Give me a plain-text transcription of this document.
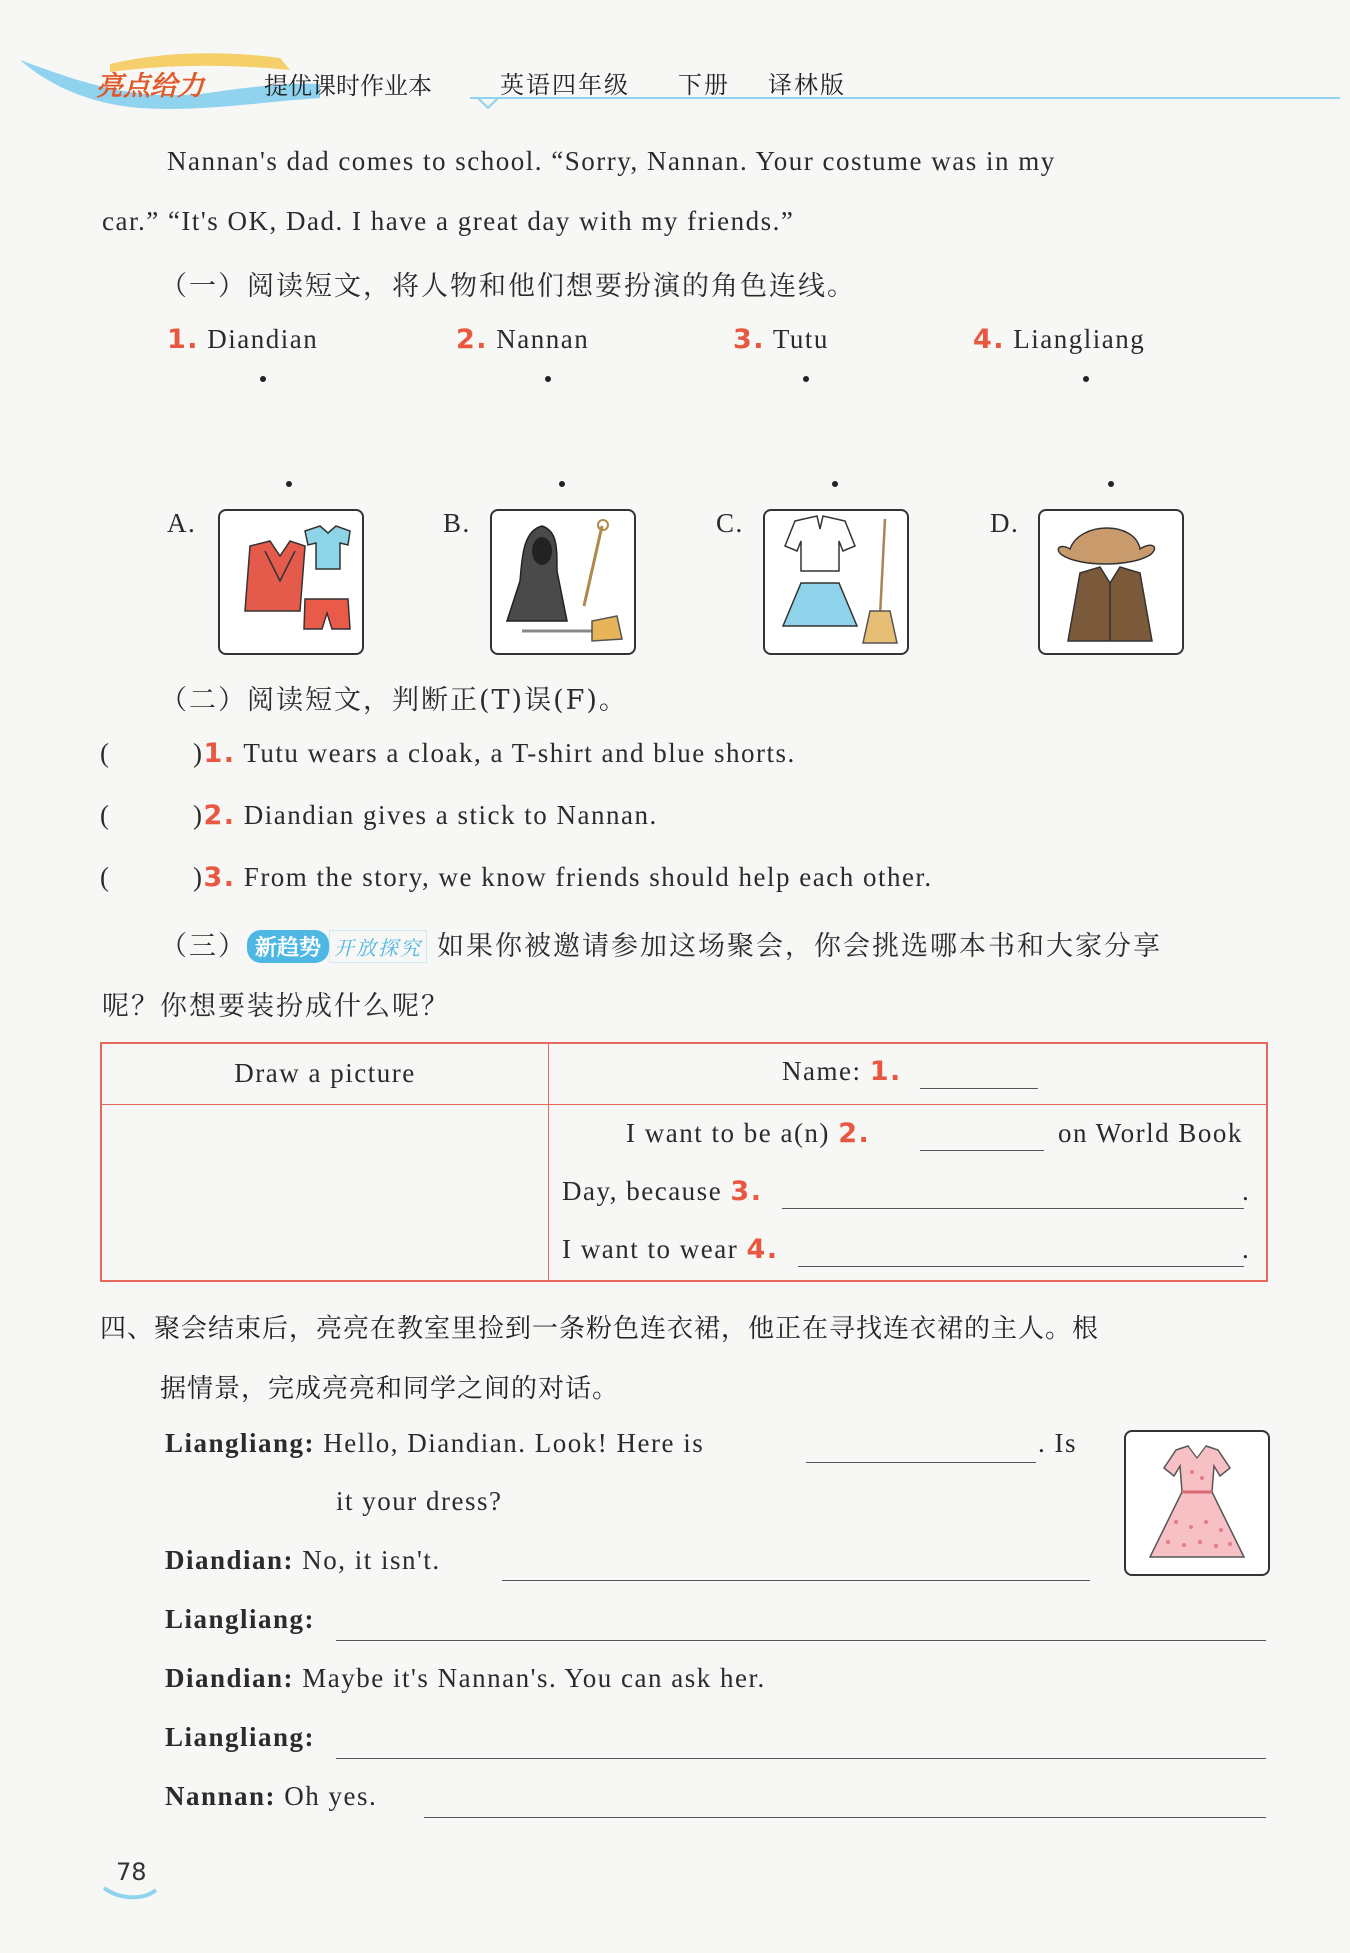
亮点给力	提优课时作业本	英语四年级 下册 译林版
Nannan's dad comes to school. “Sorry, Nannan. Your costume was in my
car.” “It's OK, Dad. I have a great day with my friends.”
（一）阅读短文，将人物和他们想要扮演的角色连线。
1. Diandian	2. Nannan	3. Tutu	4. Liangliang
A.	B.	C.	D.
（二）阅读短文，判断正(T)误(F)。
(	)1. Tutu wears a cloak, a T-shirt and blue shorts.
(	)2. Diandian gives a stick to Nannan.
(	)3. From the story, we know friends should help each other.
（三） 新趋势 开放探究 如果你被邀请参加这场聚会，你会挑选哪本书和大家分享
呢？你想要装扮成什么呢？
Draw a picture	Name: 1.
I want to be a(n) 2.	on World Book
Day, because 3.	.
I want to wear 4.	.
四、聚会结束后，亮亮在教室里捡到一条粉色连衣裙，他正在寻找连衣裙的主人。根
据情景，完成亮亮和同学之间的对话。
Liangliang: Hello, Diandian. Look! Here is	. Is
it your dress?
Diandian: No, it isn't.
Liangliang:
Diandian: Maybe it's Nannan's. You can ask her.
Liangliang:
Nannan: Oh yes.
78
